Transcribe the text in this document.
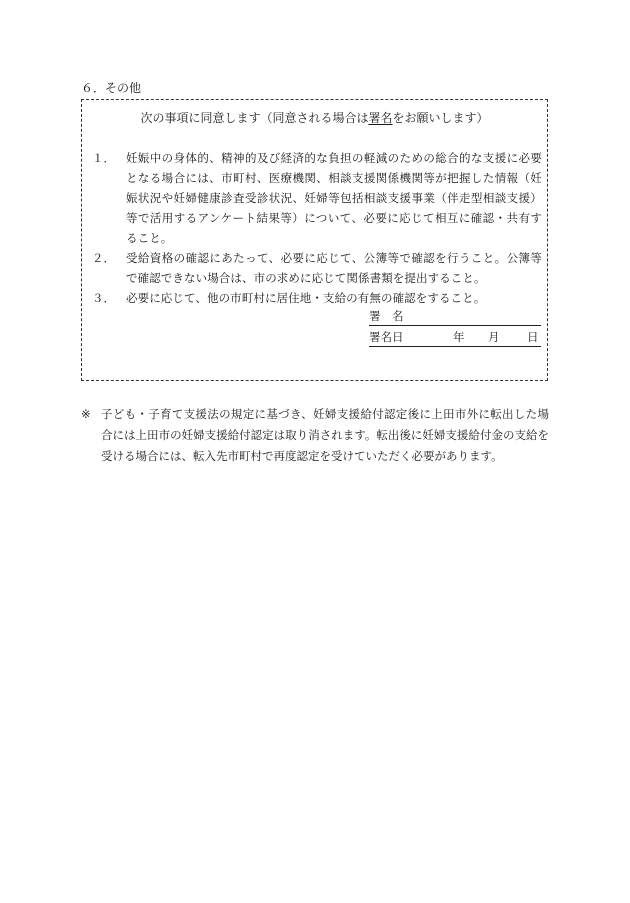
６．その他
次の事項に同意します（同意される場合は署名をお願いします）
１． 妊娠中の身体的、精神的及び経済的な負担の軽減のための総合的な支援に必要となる場合には、市町村、医療機関、相談支援関係機関等が把握した情報（妊娠状況や妊婦健康診査受診状況、妊婦等包括相談支援事業（伴走型相談支援）等で活用するアンケート結果等）について、必要に応じて相互に確認・共有すること。
２． 受給資格の確認にあたって、必要に応じて、公簿等で確認を行うこと。公簿等で確認できない場合は、市の求めに応じて関係書類を提出すること。
３． 必要に応じて、他の市町村に居住地・支給の有無の確認をすること。
署　名
署名日	年 月 日
※ 子ども・子育て支援法の規定に基づき、妊婦支援給付認定後に上田市外に転出した場合には上田市の妊婦支援給付認定は取り消されます。転出後に妊婦支援給付金の支給を受ける場合には、転入先市町村で再度認定を受けていただく必要があります。
